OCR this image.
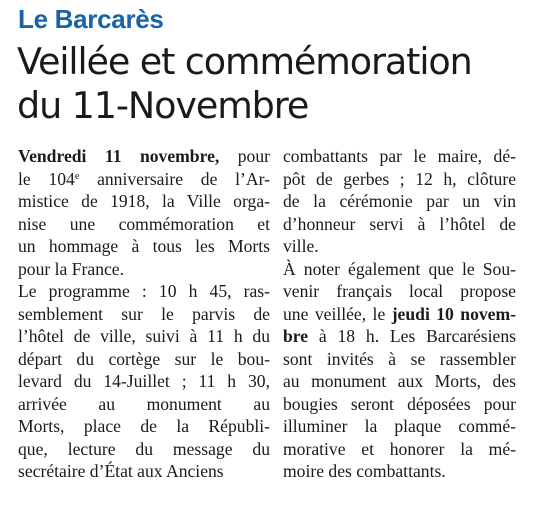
Le Barcarès
Veillée et commémoration
du 11-Novembre
Vendredi 11 novembre, pour
le 104e anniversaire de l’Ar-
mistice de 1918, la Ville orga-
nise une commémoration et
un hommage à tous les Morts
pour la France.
Le programme : 10 h 45, ras-
semblement sur le parvis de
l’hôtel de ville, suivi à 11 h du
départ du cortège sur le bou-
levard du 14-Juillet ; 11 h 30,
arrivée au monument au
Morts, place de la Républi-
que, lecture du message du
secrétaire d’État aux Anciens
combattants par le maire, dé-
pôt de gerbes ; 12 h, clôture
de la cérémonie par un vin
d’honneur servi à l’hôtel de
ville.
À noter également que le Sou-
venir français local propose
une veillée, le jeudi 10 novem-
bre à 18 h. Les Barcarésiens
sont invités à se rassembler
au monument aux Morts, des
bougies seront déposées pour
illuminer la plaque commé-
morative et honorer la mé-
moire des combattants.
